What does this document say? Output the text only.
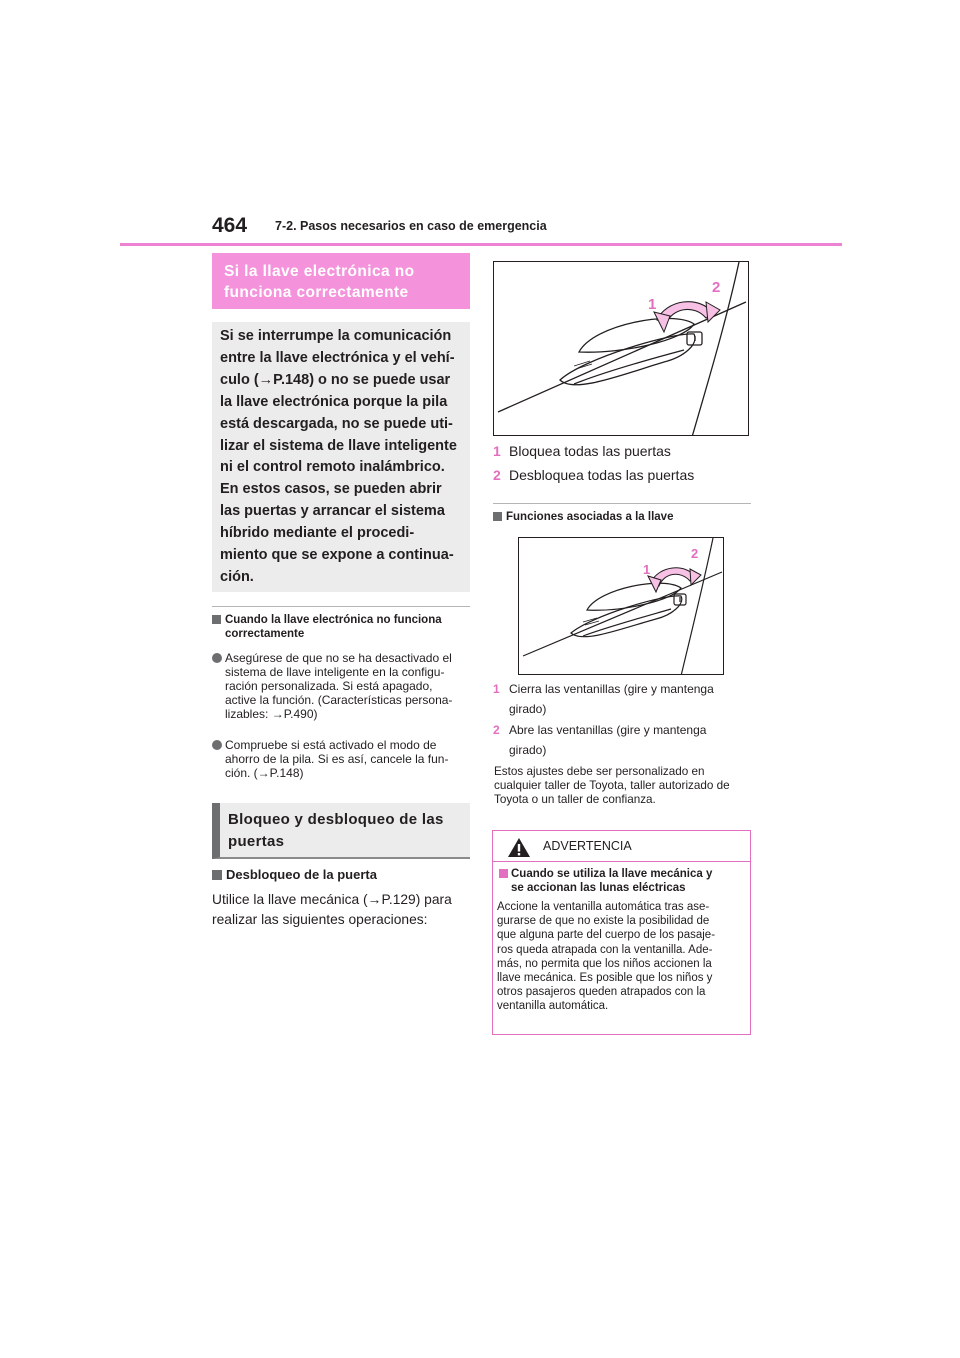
464 7-2. Pasos necesarios en caso de emergencia
Si la llave electrónica no
funciona correctamente

Si se interrumpe la comunicación

entre la llave electrónica y el vehí-

culo (→P.148) o no se puede usar

la llave electrónica porque la pila

está descargada, no se puede uti-

lizar el sistema de llave inteligente

ni el control remoto inalámbrico.

En estos casos, se pueden abrir

las puertas y arrancar el sistema

híbrido mediante el procedi-

miento que se expone a continua-

ción.

Cuando la llave electrónica no funciona
correctamente
Asegúrese de que no se ha desactivado el
sistema de llave inteligente en la configu-
ración personalizada. Si está apagado,
active la función. (Características persona-
lizables: →P.490)
Compruebe si está activado el modo de
ahorro de la pila. Si es así, cancele la fun-
ción. (→P.148)
Bloqueo y desbloqueo de las
puertas
Desbloqueo de la puerta
Utilice la llave mecánica (→P.129) para
realizar las siguientes operaciones:
1
2
1 Bloquea todas las puertas
2 Desbloquea todas las puertas
Funciones asociadas a la llave
1
2
1 Cierra las ventanillas (gire y mantenga
girado)
2 Abre las ventanillas (gire y mantenga
girado)
Estos ajustes debe ser personalizado en
cualquier taller de Toyota, taller autorizado de
Toyota o un taller de confianza.
ADVERTENCIA
Cuando se utiliza la llave mecánica y
se accionan las lunas eléctricas
Accione la ventanilla automática tras ase-
gurarse de que no existe la posibilidad de
que alguna parte del cuerpo de los pasaje-
ros queda atrapada con la ventanilla. Ade-
más, no permita que los niños accionen la
llave mecánica. Es posible que los niños y
otros pasajeros queden atrapados con la
ventanilla automática.
